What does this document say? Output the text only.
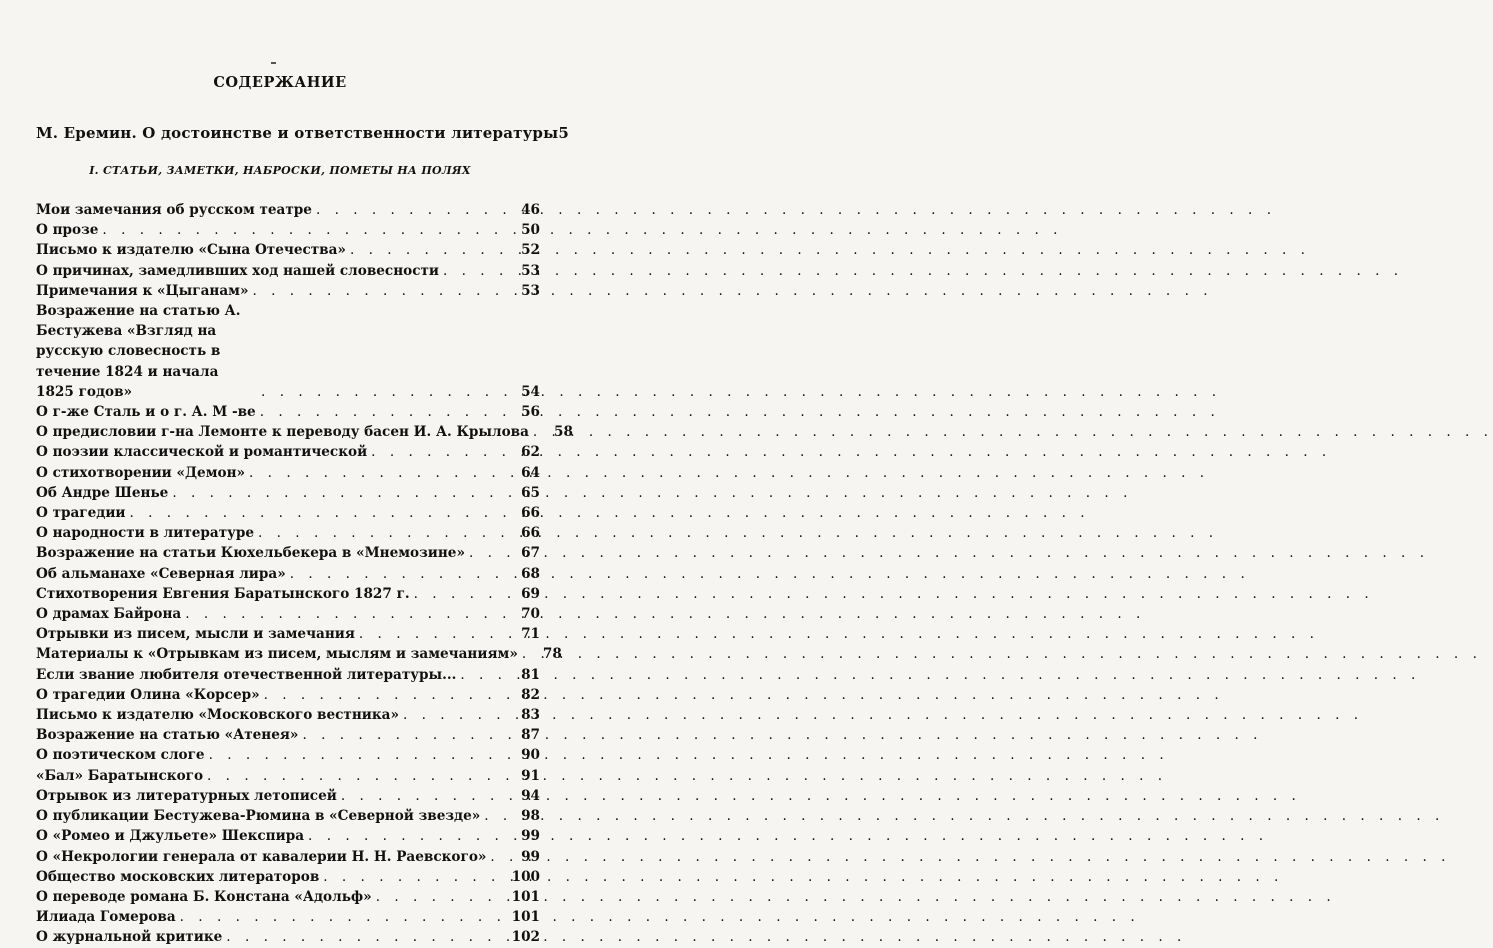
СОДЕРЖАНИЕ
М. Еремин. О достоинстве и ответственности литературы 5
I. СТАТЬИ, ЗАМЕТКИ, НАБРОСКИ, ПОМЕТЫ НА ПОЛЯХ
Мои замечания об русском театре . . .	46
О прозе . . .	50
Письмо к издателю «Сына Отечества» . . .	52
О причинах, замедливших ход нашей словесности . . .	53
Примечания к «Цыганам» . . .	53
Возражение на статью А. Бестужева «Взгляд на русскую словесность в течение 1824 и начала 1825 годов» . . .	54
О г-же Сталь и о г. А. М -ве . . .	56
О предисловии г-на Лемонте к переводу басен И. А. Крылова . . .	58
О поэзии классической и романтической . . .	62
О стихотворении «Демон» . . .	64
Об Андре Шенье . . .	65
О трагедии . . .	66
О народности в литературе . . .	66
Возражение на статьи Кюхельбекера в «Мнемозине» . . .	67
Об альманахе «Северная лира» . . .	68
Стихотворения Евгения Баратынского 1827 г. . . .	69
О драмах Байрона . . .	70
Отрывки из писем, мысли и замечания . . .	71
Материалы к «Отрывкам из писем, мыслям и замечаниям» . . .	78
Если звание любителя отечественной литературы... . . .	81
О трагедии Олина «Корсер» . . .	82
Письмо к издателю «Московского вестника» . . .	83
Возражение на статью «Атенея» . . .	87
О поэтическом слоге . . .	90
«Бал» Баратынского . . .	91
Отрывок из литературных летописей . . .	94
О публикации Бестужева-Рюмина в «Северной звезде» . . .	98
О «Ромео и Джульете» Шекспира . . .	99
О «Некрологии генерала от кавалерии Н. Н. Раевского» . . .	99
Общество московских литераторов . . .	100
О переводе романа Б. Констана «Адольф» . . .	101
Илиада Гомерова . . .	101
О журнальной критике . . .	102
